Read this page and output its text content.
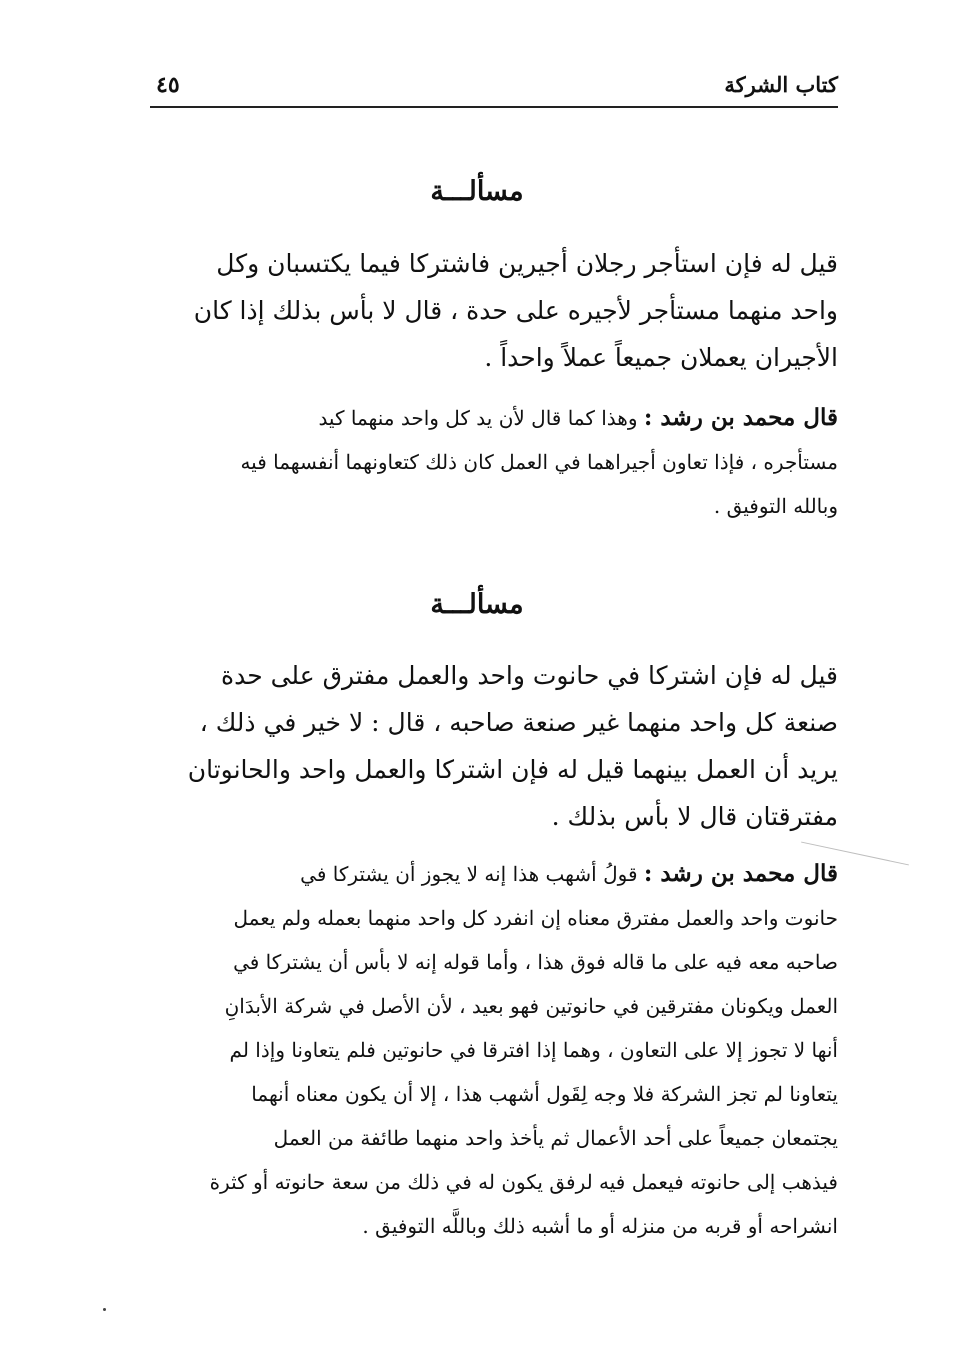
كتاب الشركة
٤٥
مسألـــة
قيل له فإن استأجر رجلان أجيرين فاشتركا فيما يكتسبان وكل
واحد منهما مستأجر لأجيره على حدة ، قال لا بأس بذلك إذا كان
الأجيران يعملان جميعاً عملاً واحداً .
قال محمد بن رشد : وهذا كما قال لأن يد كل واحد منهما كيد
مستأجره ، فإذا تعاون أجيراهما في العمل كان ذلك كتعاونهما أنفسهما فيه
وبالله التوفيق .
مسألـــة
قيل له فإن اشتركا في حانوت واحد والعمل مفترق على حدة
صنعة كل واحد منهما غير صنعة صاحبه ، قال : لا خير في ذلك ،
يريد أن العمل بينهما قيل له فإن اشتركا والعمل واحد والحانوتان
مفترقتان قال لا بأس بذلك .
قال محمد بن رشد : قولُ أشهب هذا إنه لا يجوز أن يشتركا في
حانوت واحد والعمل مفترق معناه إن انفرد كل واحد منهما بعمله ولم يعمل
صاحبه معه فيه على ما قاله فوق هذا ، وأما قوله إنه لا بأس أن يشتركا في
العمل ويكونان مفترقين في حانوتين فهو بعيد ، لأن الأصل في شركة الأبدَانِ
أنها لا تجوز إلا على التعاون ، وهما إذا افترقا في حانوتين فلم يتعاونا وإذا لم
يتعاونا لم تجز الشركة فلا وجه لِقَول أشهب هذا ، إلا أن يكون معناه أنهما
يجتمعان جميعاً على أحد الأعمال ثم يأخذ واحد منهما طائفة من العمل
فيذهب إلى حانوته فيعمل فيه لرفق يكون له في ذلك من سعة حانوته أو كثرة
انشراحه أو قربه من منزله أو ما أشبه ذلك وباللَّه التوفيق .
